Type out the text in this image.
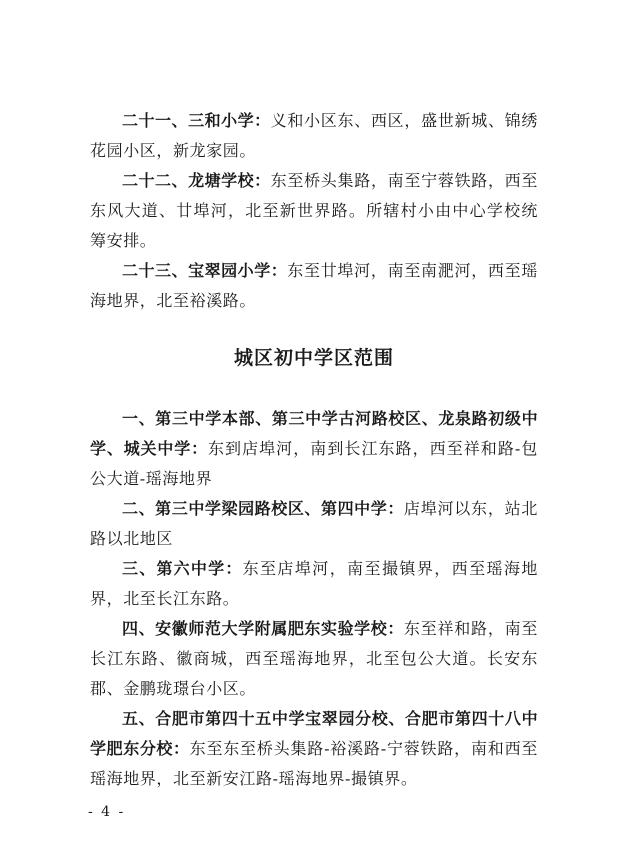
二十一、三和小学：义和小区东、西区，盛世新城、锦绣花园小区，新龙家园。

二十二、龙塘学校：东至桥头集路，南至宁蓉铁路，西至东风大道、廿埠河，北至新世界路。所辖村小由中心学校统筹安排。

二十三、宝翠园小学：东至廿埠河，南至南淝河，西至瑶海地界，北至裕溪路。

城区初中学区范围

一、第三中学本部、第三中学古河路校区、龙泉路初级中学、城关中学：东到店埠河，南到长江东路，西至祥和路-包公大道-瑶海地界

二、第三中学梁园路校区、第四中学：店埠河以东，站北路以北地区

三、第六中学：东至店埠河，南至撮镇界，西至瑶海地界，北至长江东路。

四、安徽师范大学附属肥东实验学校：东至祥和路，南至长江东路、徽商城，西至瑶海地界，北至包公大道。长安东郡、金鹏珑璟台小区。

五、合肥市第四十五中学宝翠园分校、合肥市第四十八中学肥东分校：东至东至桥头集路-裕溪路-宁蓉铁路，南和西至瑶海地界，北至新安江路-瑶海地界-撮镇界。

- 4 -
